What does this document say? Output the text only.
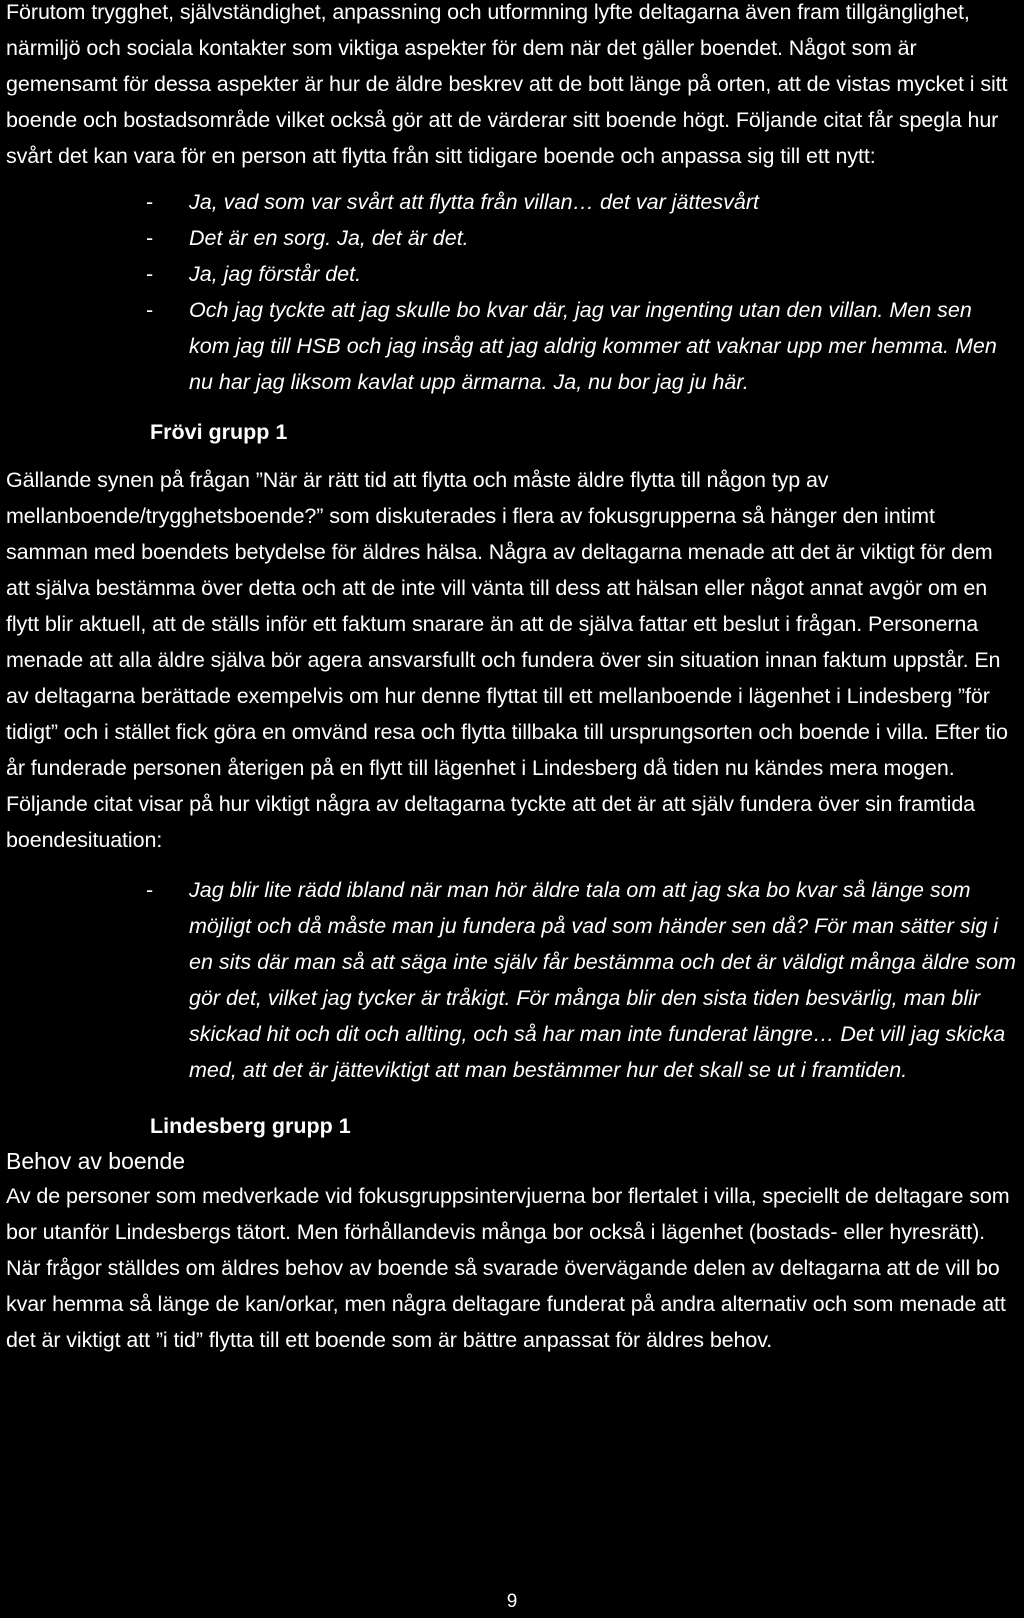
Förutom trygghet, självständighet, anpassning och utformning lyfte deltagarna även fram tillgänglighet, närmiljö och sociala kontakter som viktiga aspekter för dem när det gäller boendet. Något som är gemensamt för dessa aspekter är hur de äldre beskrev att de bott länge på orten, att de vistas mycket i sitt boende och bostadsområde vilket också gör att de värderar sitt boende högt. Följande citat får spegla hur svårt det kan vara för en person att flytta från sitt tidigare boende och anpassa sig till ett nytt:

- Ja, vad som var svårt att flytta från villan… det var jättesvårt
- Det är en sorg. Ja, det är det.
- Ja, jag förstår det.
- Och jag tyckte att jag skulle bo kvar där, jag var ingenting utan den villan. Men sen kom jag till HSB och jag insåg att jag aldrig kommer att vaknar upp mer hemma. Men nu har jag liksom kavlat upp ärmarna. Ja, nu bor jag ju här.

Frövi grupp 1

Gällande synen på frågan ”När är rätt tid att flytta och måste äldre flytta till någon typ av mellanboende/trygghetsboende?” som diskuterades i flera av fokusgrupperna så hänger den intimt samman med boendets betydelse för äldres hälsa. Några av deltagarna menade att det är viktigt för dem att själva bestämma över detta och att de inte vill vänta till dess att hälsan eller något annat avgör om en flytt blir aktuell, att de ställs inför ett faktum snarare än att de själva fattar ett beslut i frågan. Personerna menade att alla äldre själva bör agera ansvarsfullt och fundera över sin situation innan faktum uppstår. En av deltagarna berättade exempelvis om hur denne flyttat till ett mellanboende i lägenhet i Lindesberg ”för tidigt” och i stället fick göra en omvänd resa och flytta tillbaka till ursprungsorten och boende i villa. Efter tio år funderade personen återigen på en flytt till lägenhet i Lindesberg då tiden nu kändes mera mogen. Följande citat visar på hur viktigt några av deltagarna tyckte att det är att själv fundera över sin framtida boendesituation:

- Jag blir lite rädd ibland när man hör äldre tala om att jag ska bo kvar så länge som möjligt och då måste man ju fundera på vad som händer sen då? För man sätter sig i en sits där man så att säga inte själv får bestämma och det är väldigt många äldre som gör det, vilket jag tycker är tråkigt. För många blir den sista tiden besvärlig, man blir skickad hit och dit och allting, och så har man inte funderat längre… Det vill jag skicka med, att det är jätteviktigt att man bestämmer hur det skall se ut i framtiden.

Lindesberg grupp 1

Behov av boende

Av de personer som medverkade vid fokusgruppsintervjuerna bor flertalet i villa, speciellt de deltagare som bor utanför Lindesbergs tätort. Men förhållandevis många bor också i lägenhet (bostads- eller hyresrätt). När frågor ställdes om äldres behov av boende så svarade övervägande delen av deltagarna att de vill bo kvar hemma så länge de kan/orkar, men några deltagare funderat på andra alternativ och som menade att det är viktigt att ”i tid” flytta till ett boende som är bättre anpassat för äldres behov.

9
